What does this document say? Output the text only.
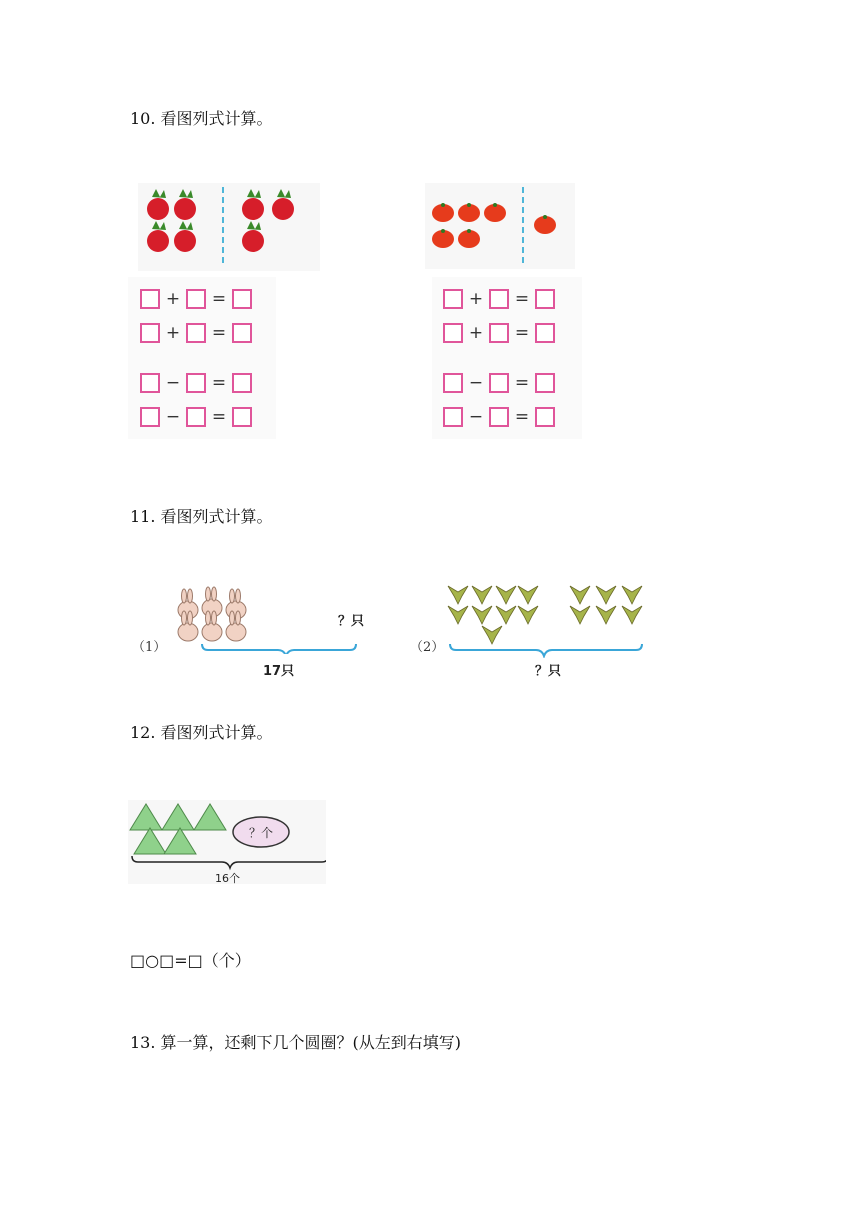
10. 看图列式计算。
+	=
+	=
−	=
−	=
+	=
+	=
−	=
−	=
11. 看图列式计算。
（1）
？只
17只
（2）
？只
12. 看图列式计算。
？个
16个
□○□=□（个）
13. 算一算，还剩下几个圆圈？(从左到右填写)
